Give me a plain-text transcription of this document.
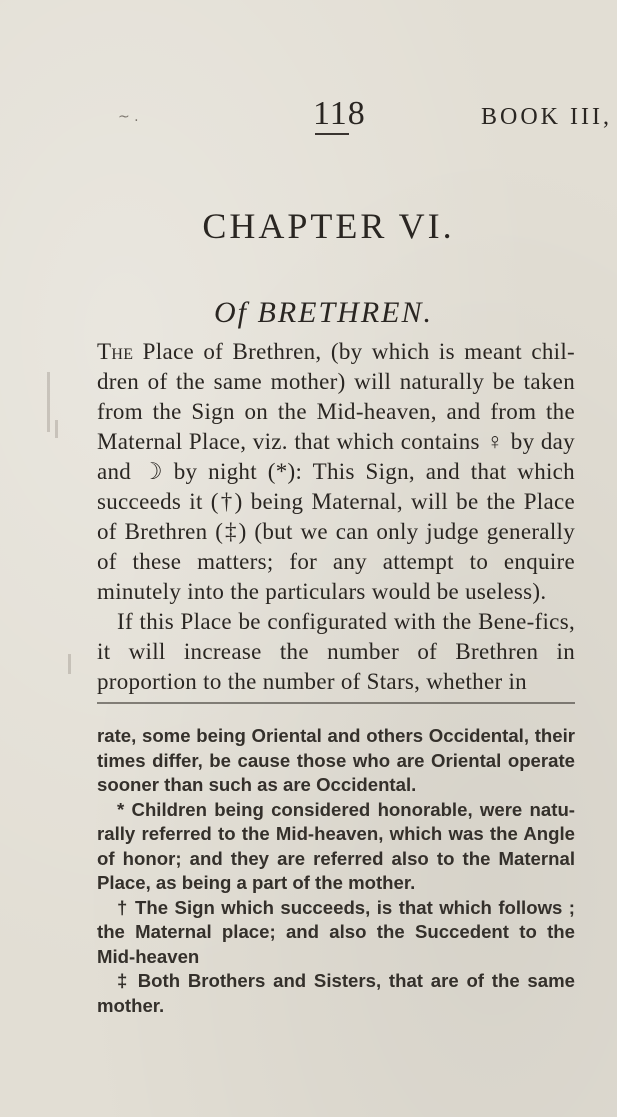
~ .	118	BOOK III,
CHAPTER VI.
Of BRETHREN.

The Place of Brethren, (by which is meant chil-dren of the same mother) will naturally be taken from the Sign on the Mid-heaven, and from the Maternal Place, viz. that which contains ♀ by day and ☽ by night (*): This Sign, and that which succeeds it (†) being Maternal, will be the Place of Brethren (‡) (but we can only judge generally of these matters; for any attempt to enquire minutely into the particulars would be useless).

If this Place be configurated with the Bene-fics, it will increase the number of Brethren in proportion to the number of Stars, whether in

rate, some being Oriental and others Occidental, their times differ, be cause those who are Oriental operate sooner than such as are Occidental.

* Children being considered honorable, were natu-rally referred to the Mid-heaven, which was the Angle of honor; and they are referred also to the Maternal Place, as being a part of the mother.

† The Sign which succeeds, is that which follows ; the Maternal place; and also the Succedent to the Mid-heaven

‡ Both Brothers and Sisters, that are of the same mother.
